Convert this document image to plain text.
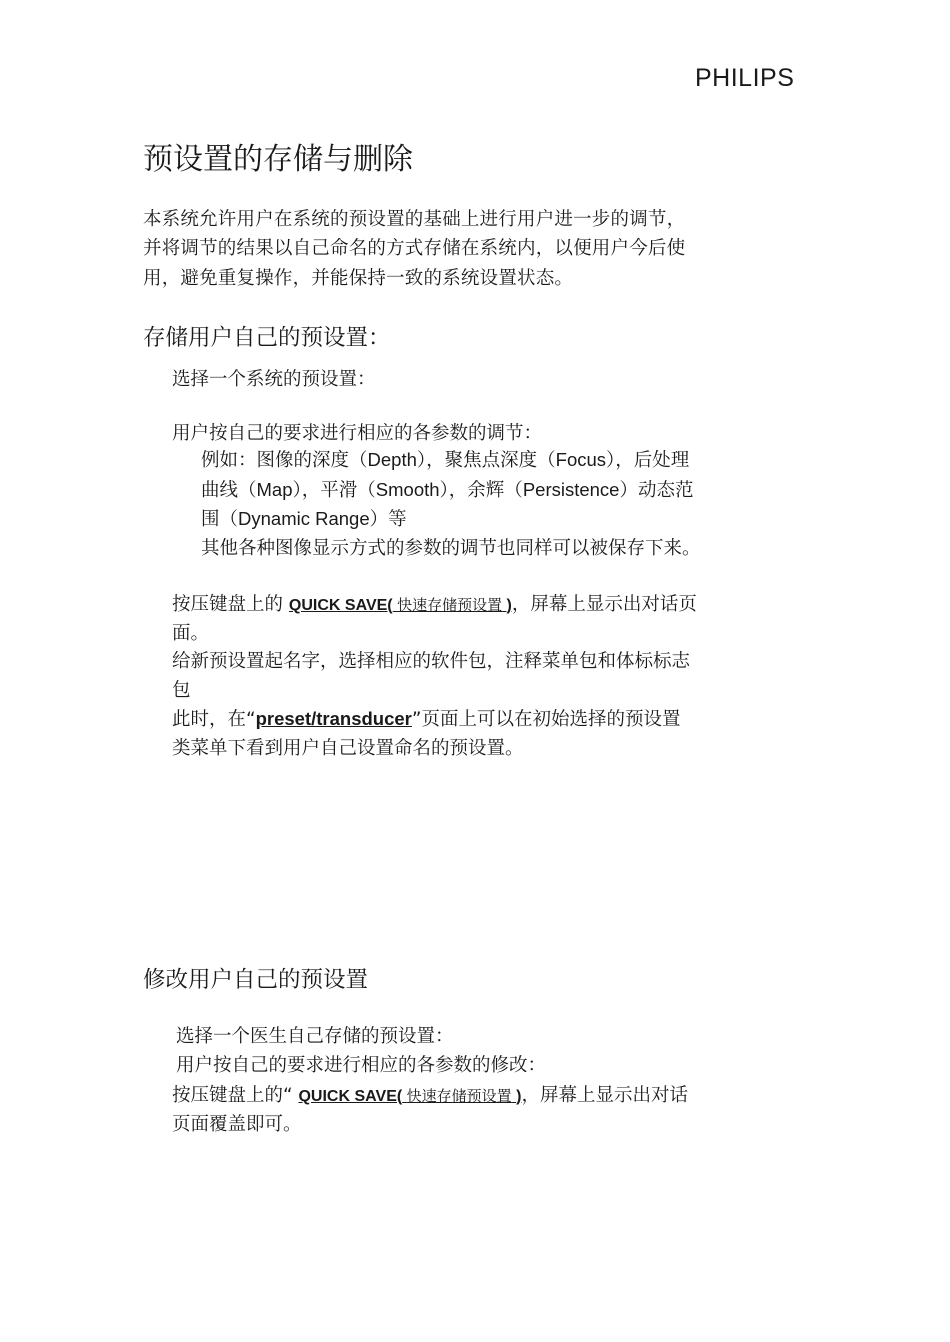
PHILIPS
预设置的存储与删除
本系统允许用户在系统的预设置的基础上进行用户进一步的调节，
并将调节的结果以自己命名的方式存储在系统内，以便用户今后使
用，避免重复操作，并能保持一致的系统设置状态。
存储用户自己的预设置：
选择一个系统的预设置：
用户按自己的要求进行相应的各参数的调节：
例如：图像的深度（Depth），聚焦点深度（Focus），后处理
曲线（Map），平滑（Smooth），余辉（Persistence）动态范
围（Dynamic Range）等
其他各种图像显示方式的参数的调节也同样可以被保存下来。
按压键盘上的 QUICK SAVE( 快速存储预设置 )，屏幕上显示出对话页
面。
给新预设置起名字，选择相应的软件包，注释菜单包和体标标志
包
此时，在“preset/transducer”页面上可以在初始选择的预设置
类菜单下看到用户自己设置命名的预设置。
修改用户自己的预设置
选择一个医生自己存储的预设置：
用户按自己的要求进行相应的各参数的修改：
按压键盘上的“ QUICK SAVE( 快速存储预设置 )，屏幕上显示出对话
页面覆盖即可。
